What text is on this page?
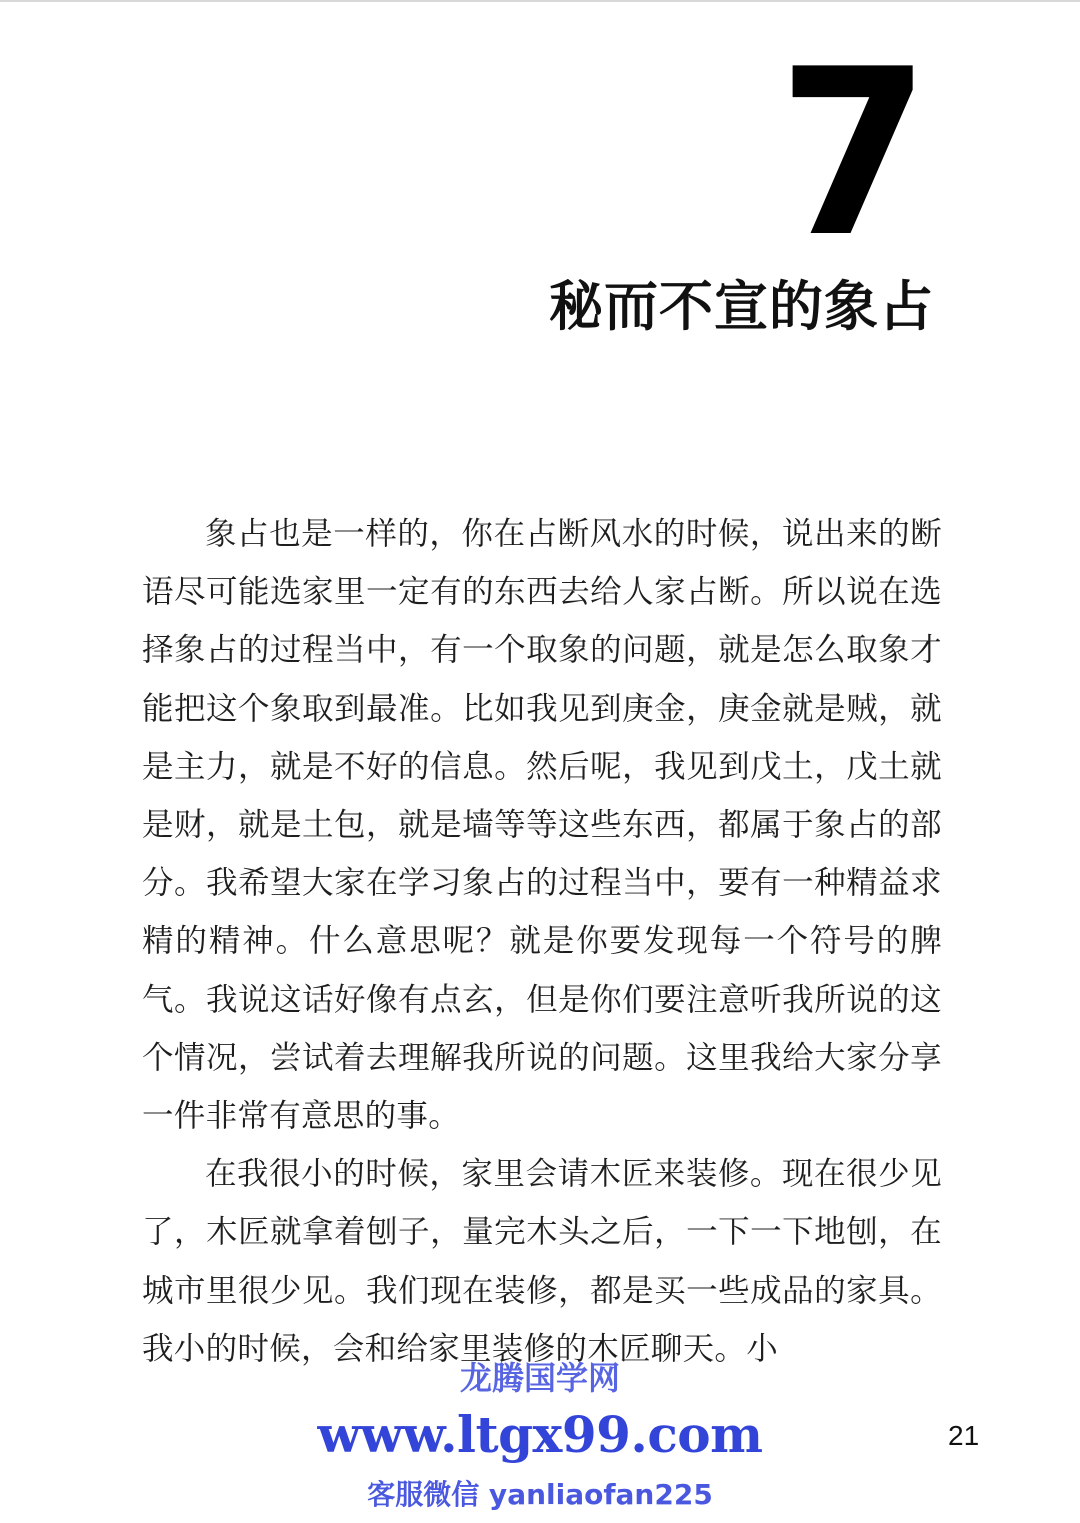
7
秘而不宣的象占

象占也是一样的，你在占断风水的时候，说出来的断语尽可能选家里一定有的东西去给人家占断。所以说在选择象占的过程当中，有一个取象的问题，就是怎么取象才能把这个象取到最准。比如我见到庚金，庚金就是贼，就是主力，就是不好的信息。然后呢，我见到戊土，戊土就是财，就是土包，就是墙等等这些东西，都属于象占的部分。我希望大家在学习象占的过程当中，要有一种精益求精的精神。什么意思呢？就是你要发现每一个符号的脾气。我说这话好像有点玄，但是你们要注意听我所说的这个情况，尝试着去理解我所说的问题。这里我给大家分享一件非常有意思的事。

在我很小的时候，家里会请木匠来装修。现在很少见了，木匠就拿着刨子，量完木头之后，一下一下地刨，在城市里很少见。我们现在装修，都是买一些成品的家具。我小的时候，会和给家里装修的木匠聊天。小

龙腾国学网
www.ltgx99.com
客服微信 yanliaofan225
21
